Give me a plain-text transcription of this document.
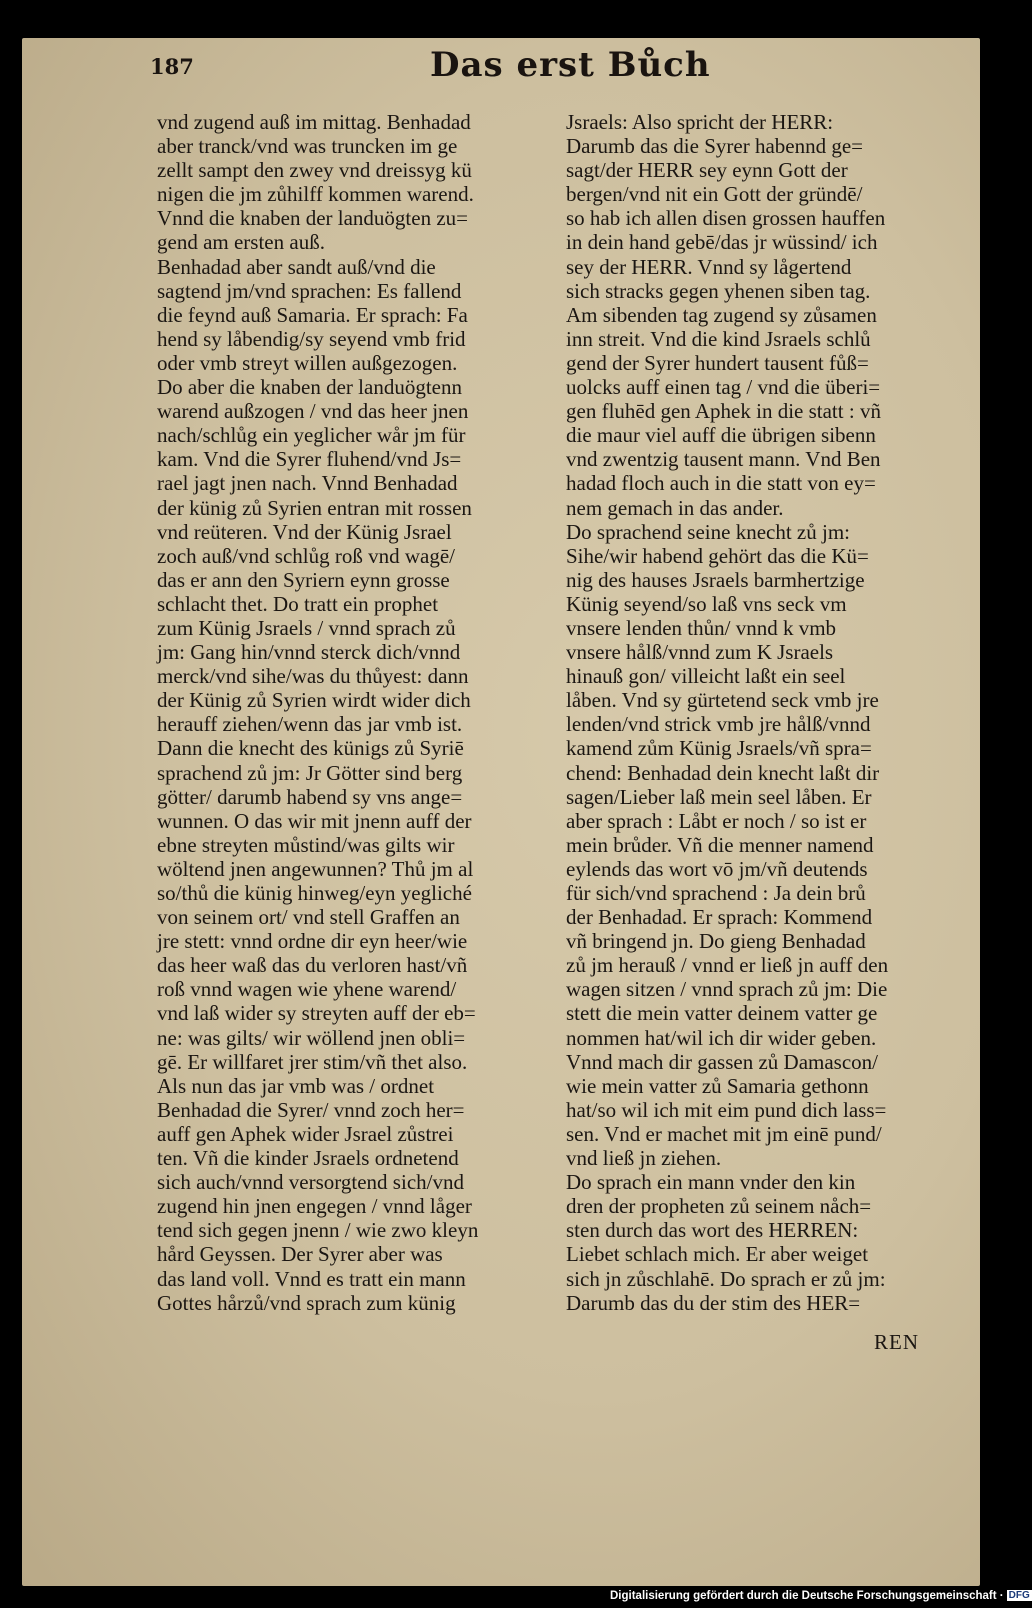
187	Das erst Bůch
vnd zugend auß im mittag. Benhadad
aber tranck/vnd was truncken im ge
zellt sampt den zwey vnd dreissyg kü
nigen die jm zůhilff kommen warend.
Vnnd die knaben der landuögten zu=
gend am ersten auß.
Benhadad aber sandt auß/vnd die
sagtend jm/vnd sprachen: Es fallend
die feynd auß Samaria. Er sprach: Fa
hend sy låbendig/sy seyend vmb frid
oder vmb streyt willen außgezogen.
Do aber die knaben der landuögtenn
warend außzogen / vnd das heer jnen
nach/schlůg ein yeglicher wår jm für
kam. Vnd die Syrer fluhend/vnd Js=
rael jagt jnen nach. Vnnd Benhadad
der künig zů Syrien entran mit rossen
vnd reüteren. Vnd der Künig Jsrael
zoch auß/vnd schlůg roß vnd wagē/
das er ann den Syriern eynn grosse
schlacht thet. Do tratt ein prophet
zum Künig Jsraels / vnnd sprach zů
jm: Gang hin/vnnd sterck dich/vnnd
merck/vnd sihe/was du thůyest: dann
der Künig zů Syrien wirdt wider dich
herauff ziehen/wenn das jar vmb ist.
Dann die knecht des künigs zů Syriē
sprachend zů jm: Jr Götter sind berg
götter/ darumb habend sy vns ange=
wunnen. O das wir mit jnenn auff der
ebne streyten můstind/was gilts wir
wöltend jnen angewunnen? Thů jm al
so/thů die künig hinweg/eyn yegliché
von seinem ort/ vnd stell Graffen an
jre stett: vnnd ordne dir eyn heer/wie
das heer waß das du verloren hast/vñ
roß vnnd wagen wie yhene warend/
vnd laß wider sy streyten auff der eb=
ne: was gilts/ wir wöllend jnen obli=
gē. Er willfaret jrer stim/vñ thet also.
Als nun das jar vmb was / ordnet
Benhadad die Syrer/ vnnd zoch her=
auff gen Aphek wider Jsrael zůstrei
ten. Vñ die kinder Jsraels ordnetend
sich auch/vnnd versorgtend sich/vnd
zugend hin jnen engegen / vnnd låger
tend sich gegen jnenn / wie zwo kleyn
hård Geyssen. Der Syrer aber was
das land voll. Vnnd es tratt ein mann
Gottes hårzů/vnd sprach zum künig
Jsraels: Also spricht der HERR:
Darumb das die Syrer habennd ge=
sagt/der HERR sey eynn Gott der
bergen/vnd nit ein Gott der gründē/
so hab ich allen disen grossen hauffen
in dein hand gebē/das jr wüssind/ ich
sey der HERR. Vnnd sy lågertend
sich stracks gegen yhenen siben tag.
Am sibenden tag zugend sy zůsamen
inn streit. Vnd die kind Jsraels schlů
gend der Syrer hundert tausent fůß=
uolcks auff einen tag / vnd die überi=
gen fluhēd gen Aphek in die statt : vñ
die maur viel auff die übrigen sibenn
vnd zwentzig tausent mann. Vnd Ben
hadad floch auch in die statt von ey=
nem gemach in das ander.
Do sprachend seine knecht zů jm:
Sihe/wir habend gehört das die Kü=
nig des hauses Jsraels barmhertzige
Künig seyend/so laß vns seck vm
vnsere lenden thůn/ vnnd k vmb
vnsere hålß/vnnd zum K Jsraels
hinauß gon/ villeicht laßt ein seel
låben. Vnd sy gürtetend seck vmb jre
lenden/vnd strick vmb jre hålß/vnnd
kamend zům Künig Jsraels/vñ spra=
chend: Benhadad dein knecht laßt dir
sagen/Lieber laß mein seel låben. Er
aber sprach : Låbt er noch / so ist er
mein brůder. Vñ die menner namend
eylends das wort vō jm/vñ deutends
für sich/vnd sprachend : Ja dein brů
der Benhadad. Er sprach: Kommend
vñ bringend jn. Do gieng Benhadad
zů jm herauß / vnnd er ließ jn auff den
wagen sitzen / vnnd sprach zů jm: Die
stett die mein vatter deinem vatter ge
nommen hat/wil ich dir wider geben.
Vnnd mach dir gassen zů Damascon/
wie mein vatter zů Samaria gethonn
hat/so wil ich mit eim pund dich lass=
sen. Vnd er machet mit jm einē pund/
vnd ließ jn ziehen.
Do sprach ein mann vnder den kin
dren der propheten zů seinem nåch=
sten durch das wort des HERREN:
Liebet schlach mich. Er aber weiget
sich jn zůschlahē. Do sprach er zů jm:
Darumb das du der stim des HER=
REN
Digitalisierung gefördert durch die Deutsche Forschungsgemeinschaft · DFG
